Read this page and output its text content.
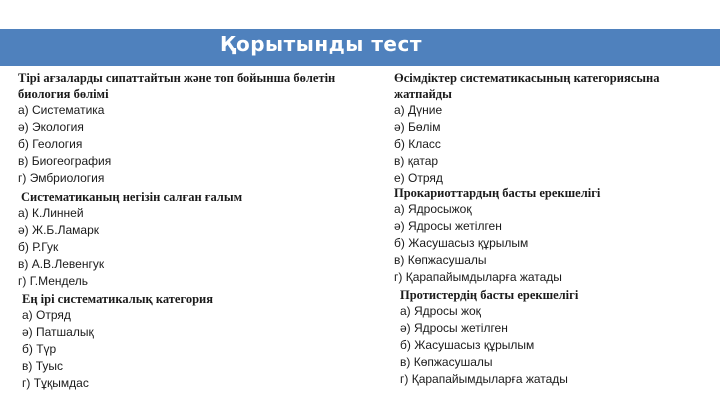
Қорытынды тест

Тірі ағзаларды сипаттайтын және топ бойынша бөлетін биология бөлімі

а) Систематика

ә) Экология

б) Геология

в) Биогеография

г) Эмбриология

Систематиканың негізін салған ғалым

а) К.Линней

ә) Ж.Б.Ламарк

б) Р.Гук

в) А.В.Левенгук

г) Г.Мендель

Ең ірі систематикалық категория

а) Отряд

ә) Патшалық

б) Түр

в) Туыс

г) Тұқымдас

Өсімдіктер систематикасының категориясына жатпайды

а) Дүние

ә) Бөлім

б) Класс

в) қатар

е) Отряд

Прокариоттардың басты ерекшелігі

а) Ядросыжоқ

ә) Ядросы жетілген

б) Жасушасыз құрылым

в) Көпжасушалы

г) Қарапайымдыларға жатады

Протистердің басты ерекшелігі

а) Ядросы жоқ

ә) Ядросы жетілген

б) Жасушасыз құрылым

в) Көпжасушалы

г) Қарапайымдыларға жатады
